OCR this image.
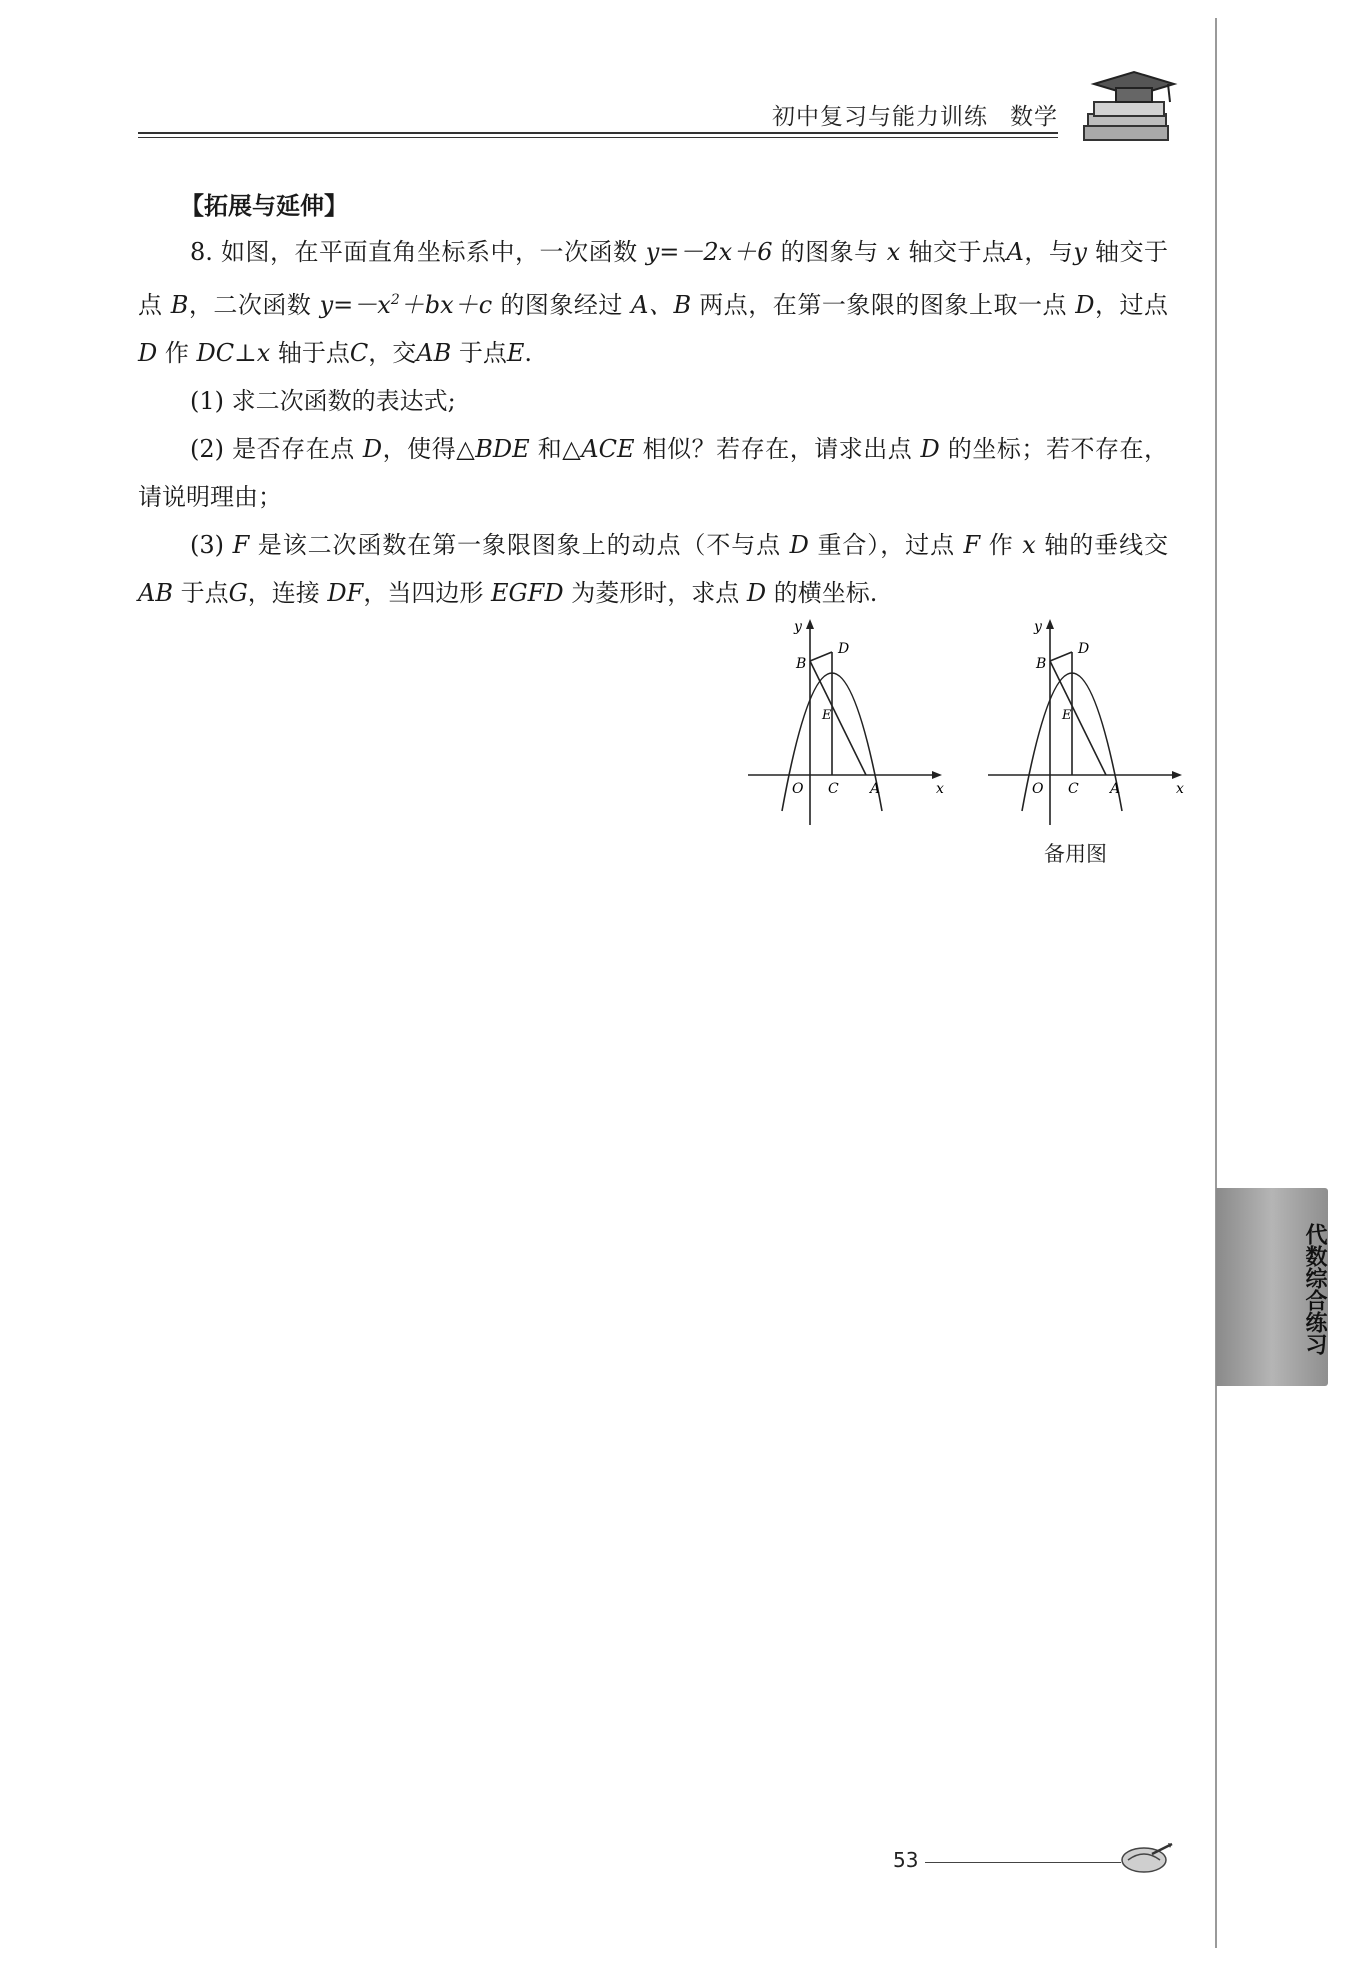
初中复习与能力训练 数学
【拓展与延伸】

8. 如图，在平面直角坐标系中，一次函数 y=－2x＋6 的图象与 x 轴交于点A，与y 轴交于点 B，二次函数 $y=-x^2+bx+c$ 的图象经过 A、B 两点，在第一象限的图象上取一点 D，过点 D 作 DC⊥x 轴于点C，交AB 于点E.

(1) 求二次函数的表达式;

(2) 是否存在点 D，使得△BDE 和△ACE 相似？若存在，请求出点 D 的坐标；若不存在，请说明理由；

(3) F 是该二次函数在第一象限图象上的动点（不与点 D 重合），过点 F 作 x 轴的垂线交 AB 于点G，连接 DF，当四边形 EGFD 为菱形时，求点 D 的横坐标.

y
x
O C A
B
D
E
y
x
O C A
B
D
E
备用图
代数综合练习
53
